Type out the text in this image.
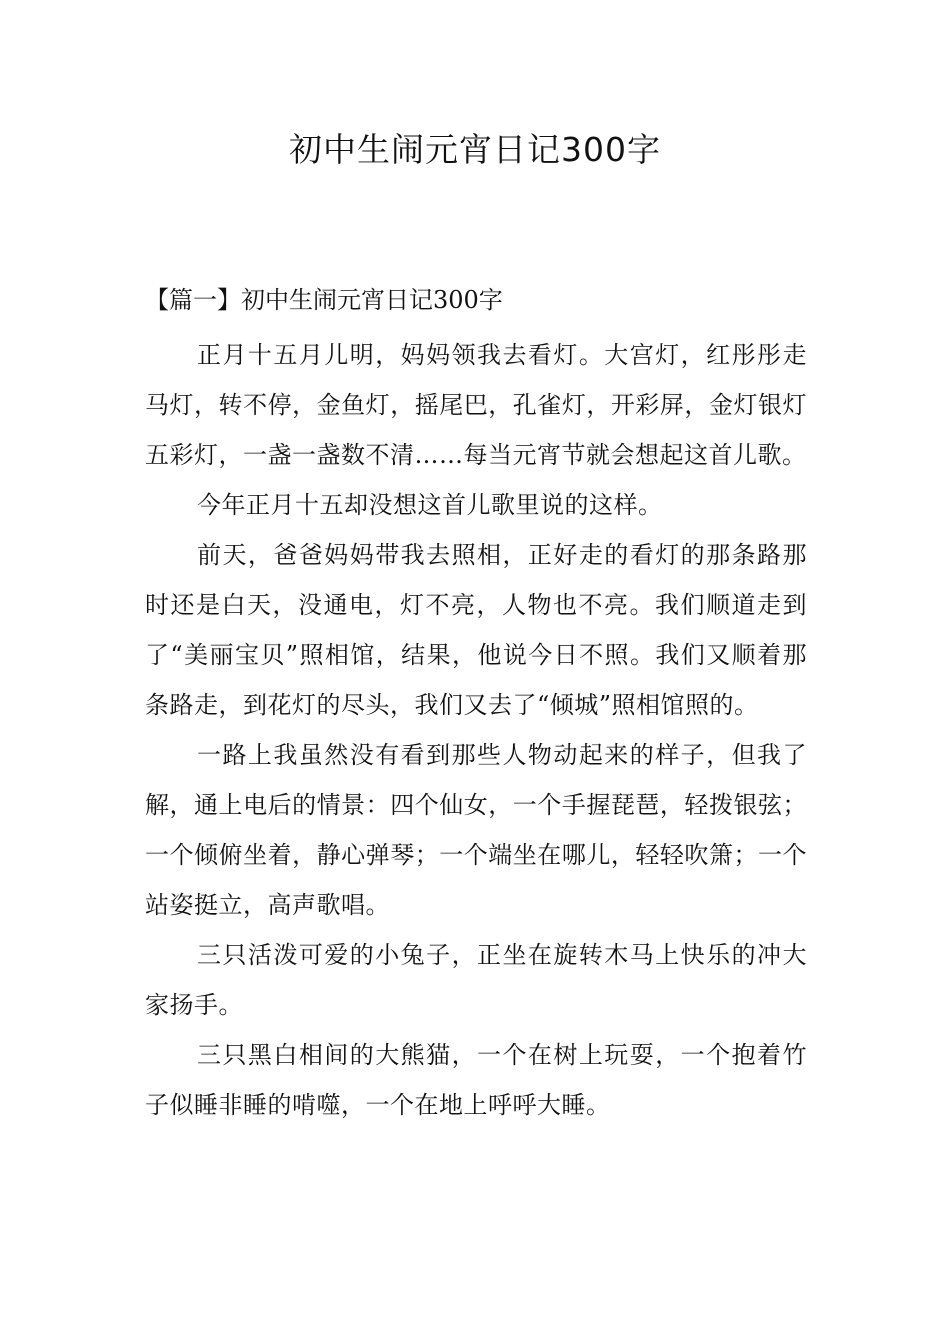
初中生闹元宵日记300字

【篇一】初中生闹元宵日记300字

正月十五月儿明，妈妈领我去看灯。大宫灯，红彤彤走马灯，转不停，金鱼灯，摇尾巴，孔雀灯，开彩屏，金灯银灯五彩灯，一盏一盏数不清……每当元宵节就会想起这首儿歌。

今年正月十五却没想这首儿歌里说的这样。

前天，爸爸妈妈带我去照相，正好走的看灯的那条路那时还是白天，没通电，灯不亮，人物也不亮。我们顺道走到了“美丽宝贝”照相馆，结果，他说今日不照。我们又顺着那条路走，到花灯的尽头，我们又去了“倾城”照相馆照的。

一路上我虽然没有看到那些人物动起来的样子，但我了解，通上电后的情景：四个仙女，一个手握琵琶，轻拨银弦；一个倾俯坐着，静心弹琴；一个端坐在哪儿，轻轻吹箫；一个站姿挺立，高声歌唱。

三只活泼可爱的小兔子，正坐在旋转木马上快乐的冲大家扬手。

三只黑白相间的大熊猫，一个在树上玩耍，一个抱着竹子似睡非睡的啃噬，一个在地上呼呼大睡。
